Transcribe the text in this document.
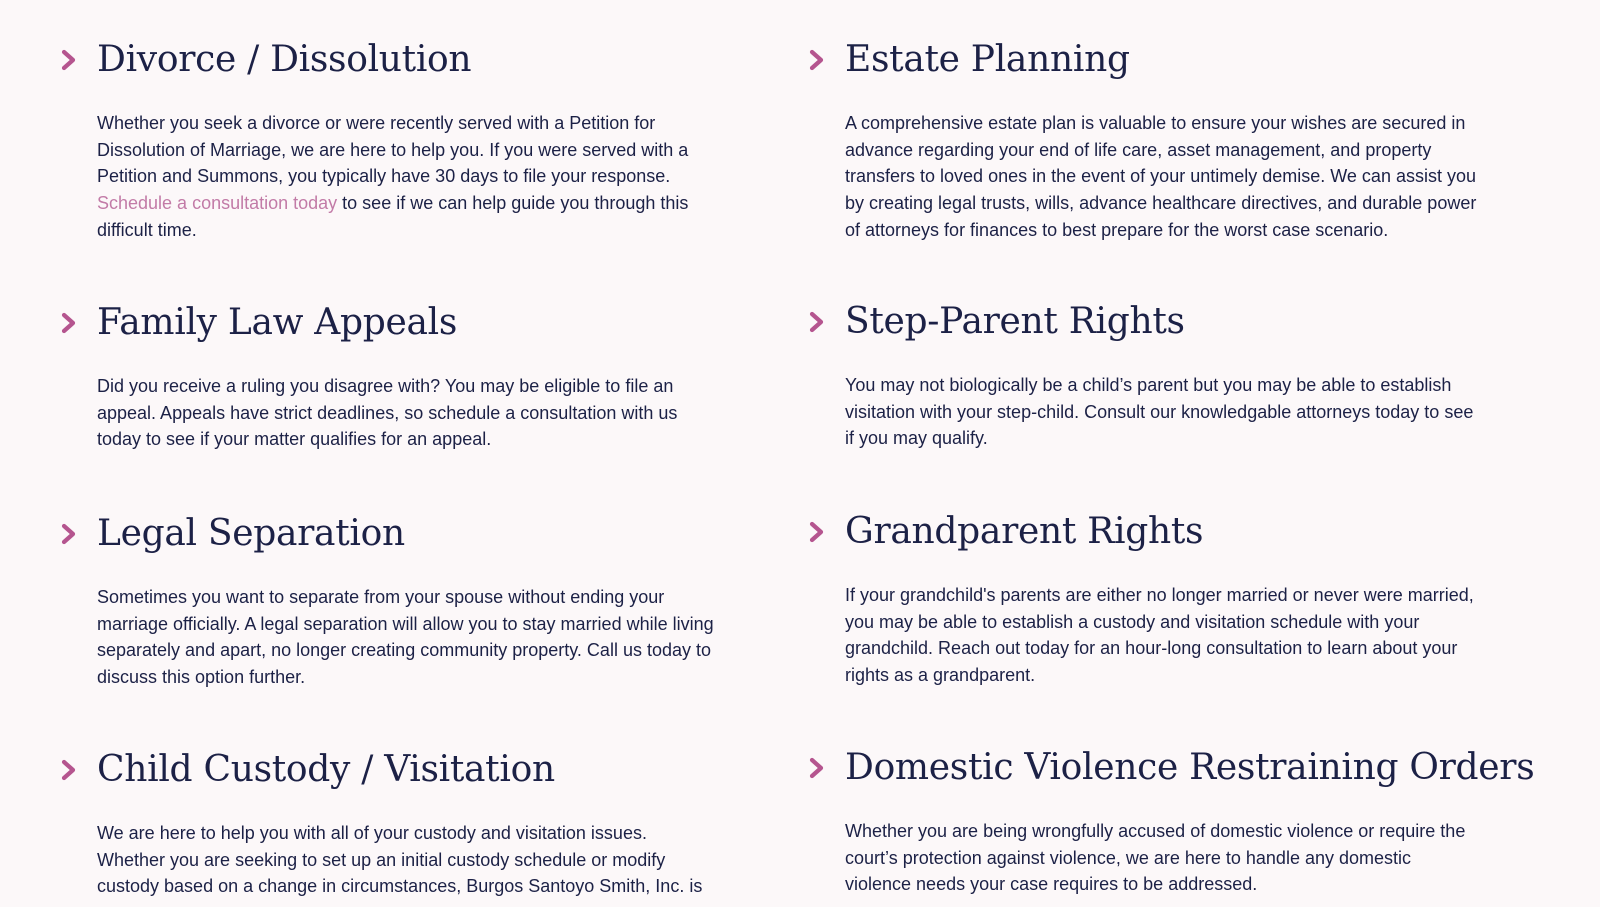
Divorce / Dissolution

Whether you seek a divorce or were recently served with a Petition for Dissolution of Marriage, we are here to help you. If you were served with a Petition and Summons, you typically have 30 days to file your response. Schedule a consultation today to see if we can help guide you through this difficult time.

Family Law Appeals

Did you receive a ruling you disagree with? You may be eligible to file an appeal. Appeals have strict deadlines, so schedule a consultation with us today to see if your matter qualifies for an appeal.

Legal Separation

Sometimes you want to separate from your spouse without ending your marriage officially. A legal separation will allow you to stay married while living separately and apart, no longer creating community property. Call us today to discuss this option further.

Child Custody / Visitation

We are here to help you with all of your custody and visitation issues. Whether you are seeking to set up an initial custody schedule or modify custody based on a change in circumstances, Burgos Santoyo Smith, Inc. is

Estate Planning

A comprehensive estate plan is valuable to ensure your wishes are secured in advance regarding your end of life care, asset management, and property transfers to loved ones in the event of your untimely demise. We can assist you by creating legal trusts, wills, advance healthcare directives, and durable power of attorneys for finances to best prepare for the worst case scenario.

Step-Parent Rights

You may not biologically be a child’s parent but you may be able to establish visitation with your step-child. Consult our knowledgable attorneys today to see if you may qualify.

Grandparent Rights

If your grandchild's parents are either no longer married or never were married, you may be able to establish a custody and visitation schedule with your grandchild. Reach out today for an hour-long consultation to learn about your rights as a grandparent.

Domestic Violence Restraining Orders

Whether you are being wrongfully accused of domestic violence or require the court’s protection against violence, we are here to handle any domestic violence needs your case requires to be addressed.
